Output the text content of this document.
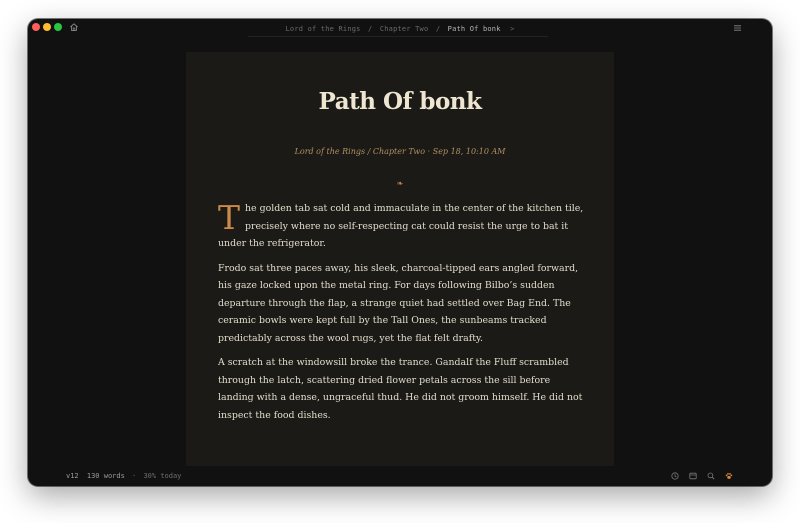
Lord of the Rings / Chapter Two / Path Of bonk >
Path Of bonk
Lord of the Rings / Chapter Two · Sep 18, 10:10 AM
❧

The golden tab sat cold and immaculate in the center of the kitchen tile, precisely where no self-respecting cat could resist the urge to bat it under the refrigerator.

Frodo sat three paces away, his sleek, charcoal-tipped ears angled forward, his gaze locked upon the metal ring. For days following Bilbo’s sudden departure through the flap, a strange quiet had settled over Bag End. The ceramic bowls were kept full by the Tall Ones, the sunbeams tracked predictably across the wool rugs, yet the flat felt drafty.

A scratch at the windowsill broke the trance. Gandalf the Fluff scrambled through the latch, scattering dried flower petals across the sill before landing with a dense, ungraceful thud. He did not groom himself. He did not inspect the food dishes.

v12 130 words · 30% today
